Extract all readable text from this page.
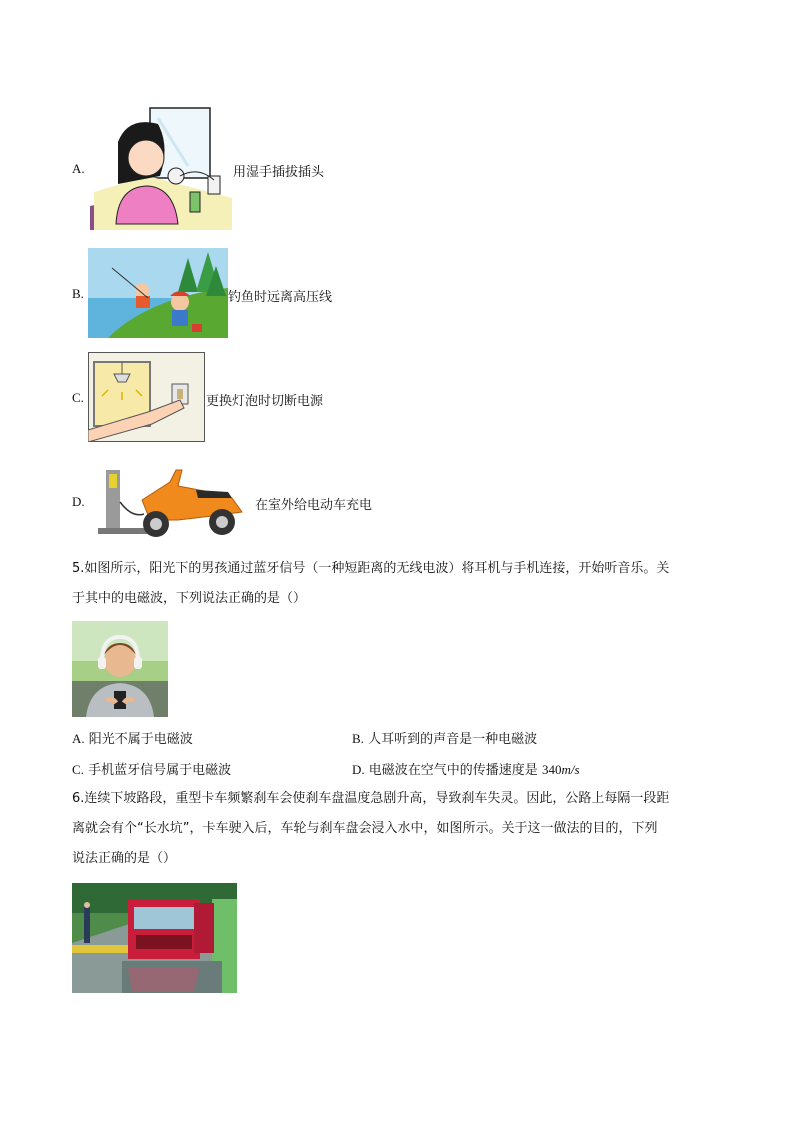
A.	用湿手插拔插头
B.	钓鱼时远离高压线
C.	更换灯泡时切断电源
D.	在室外给电动车充电
5.如图所示，阳光下的男孩通过蓝牙信号（一种短距离的无线电波）将耳机与手机连接，开始听音乐。关
于其中的电磁波，下列说法正确的是（）
A. 阳光不属于电磁波	B. 人耳听到的声音是一种电磁波
C. 手机蓝牙信号属于电磁波	D. 电磁波在空气中的传播速度是 340m/s
6.连续下坡路段，重型卡车频繁刹车会使刹车盘温度急剧升高，导致刹车失灵。因此，公路上每隔一段距
离就会有个“长水坑”，卡车驶入后，车轮与刹车盘会浸入水中，如图所示。关于这一做法的目的，下列
说法正确的是（）
